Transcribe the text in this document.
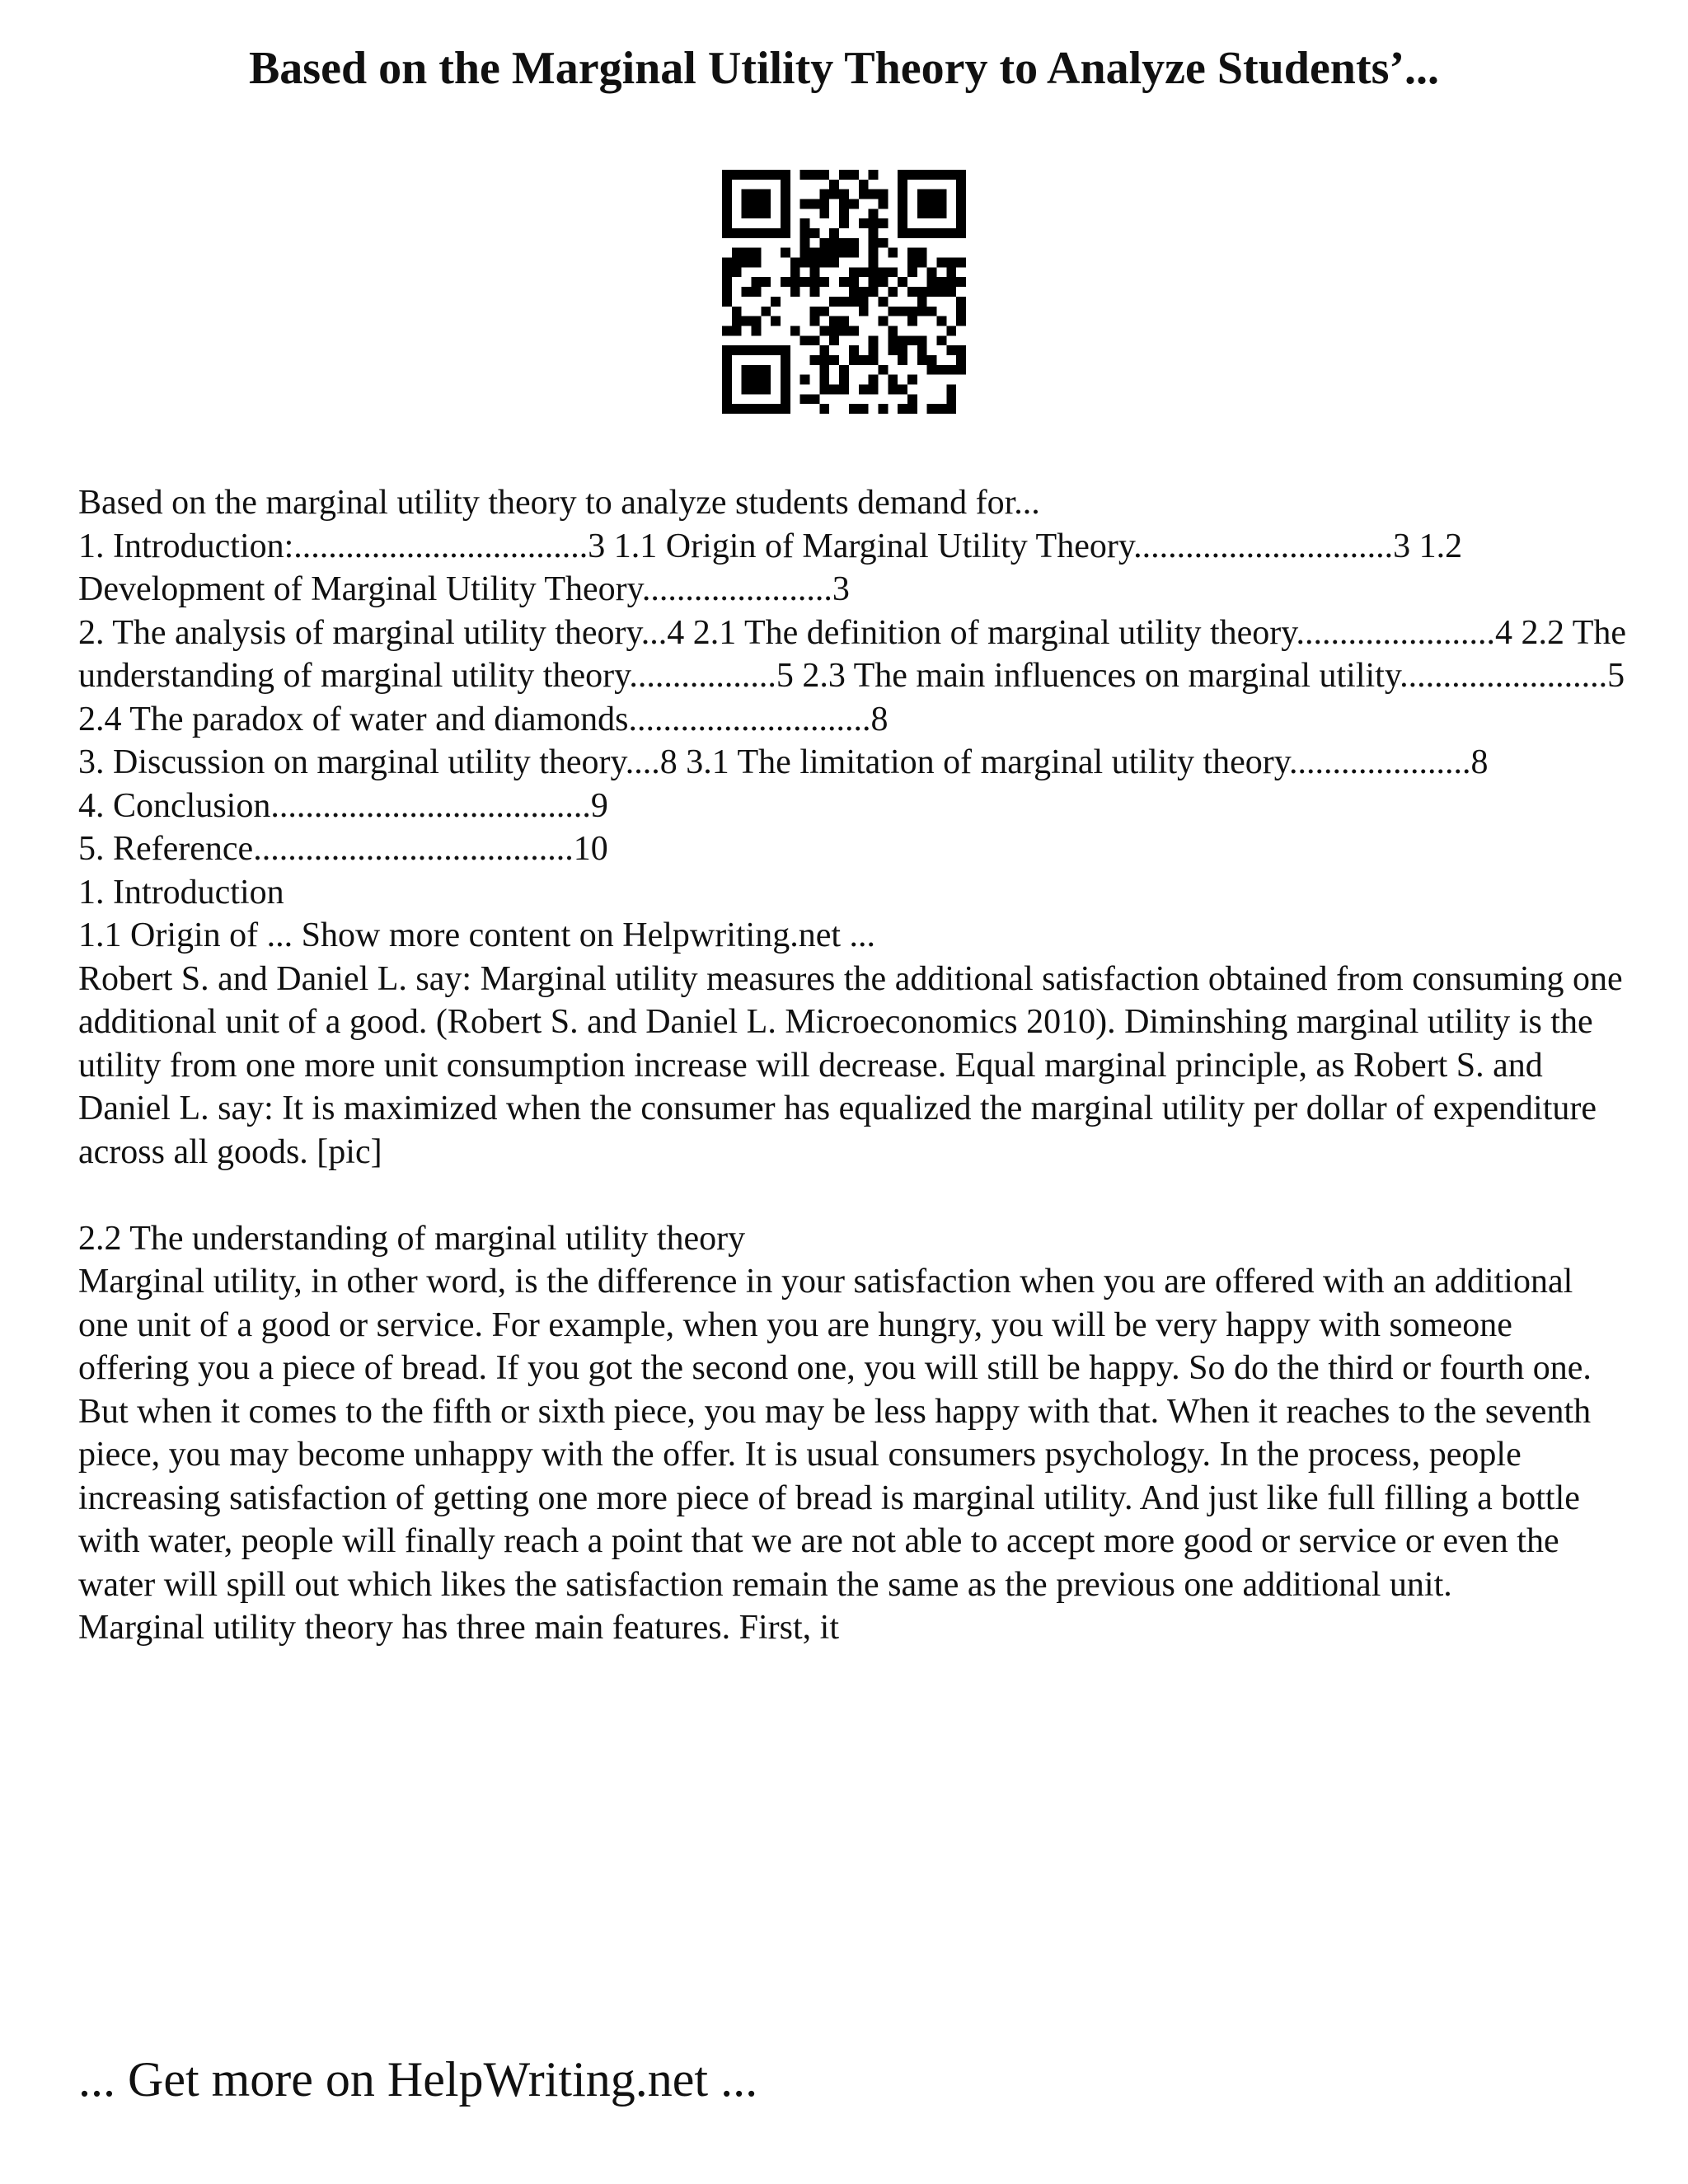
Based on the Marginal Utility Theory to Analyze Students’...

Based on the marginal utility theory to analyze students demand for...

1. Introduction:..................................3 1.1 Origin of Marginal Utility Theory..............................3 1.2 Development of Marginal Utility Theory......................3

2. The analysis of marginal utility theory...4 2.1 The definition of marginal utility theory.......................4 2.2 The understanding of marginal utility theory.................5 2.3 The main influences on marginal utility........................5 2.4 The paradox of water and diamonds............................8

3. Discussion on marginal utility theory....8 3.1 The limitation of marginal utility theory.....................8

4. Conclusion.....................................9

5. Reference.....................................10

1. Introduction

1.1 Origin of ... Show more content on Helpwriting.net ...

Robert S. and Daniel L. say: Marginal utility measures the additional satisfaction obtained from consuming one additional unit of a good. (Robert S. and Daniel L. Microeconomics 2010). Diminshing marginal utility is the utility from one more unit consumption increase will decrease. Equal marginal principle, as Robert S. and Daniel L. say: It is maximized when the consumer has equalized the marginal utility per dollar of expenditure across all goods. [pic]

2.2 The understanding of marginal utility theory

Marginal utility, in other word, is the difference in your satisfaction when you are offered with an additional one unit of a good or service. For example, when you are hungry, you will be very happy with someone offering you a piece of bread. If you got the second one, you will still be happy. So do the third or fourth one. But when it comes to the fifth or sixth piece, you may be less happy with that. When it reaches to the seventh piece, you may become unhappy with the offer. It is usual consumers psychology. In the process, people increasing satisfaction of getting one more piece of bread is marginal utility. And just like full filling a bottle with water, people will finally reach a point that we are not able to accept more good or service or even the water will spill out which likes the satisfaction remain the same as the previous one additional unit.

Marginal utility theory has three main features. First, it

... Get more on HelpWriting.net ...
